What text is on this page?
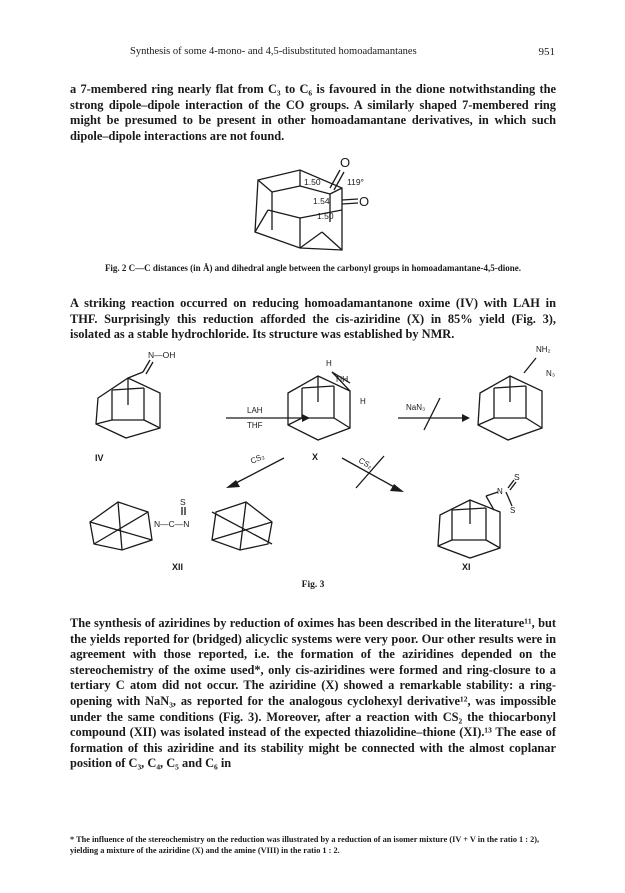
Synthesis of some 4-mono- and 4,5-disubstituted homoadamantanes	951

a 7-membered ring nearly flat from C₃ to C₆ is favoured in the dione notwithstanding the strong dipole–dipole interaction of the CO groups. A similarly shaped 7-membered ring might be presumed to be present in other homoadamantane derivatives, in which such dipole–dipole interactions are not found.

O
O
1.50	119°
1.54
1.50
Fig. 2 C—C distances (in Å) and dihedral angle between the carbonyl groups in homoadamantane-4,5-dione.

A striking reaction occurred on reducing homoadamantanone oxime (IV) with LAH in THF. Surprisingly this reduction afforded the cis-aziridine (X) in 85% yield (Fig. 3), isolated as a stable hydrochloride. Its structure was established by NMR.

N—OH
IV
LAH
THF
H
NH
H
X
NaN₃
NH₂
N₃
CS₂	CS₂
S
N—C—N
XII
N
S
S
XI
Fig. 3

The synthesis of aziridines by reduction of oximes has been described in the literature¹¹, but the yields reported for (bridged) alicyclic systems were very poor. Our other results were in agreement with those reported, i.e. the formation of the aziridines depended on the stereochemistry of the oxime used*, only cis-aziridines were formed and ring-closure to a tertiary C atom did not occur. The aziridine (X) showed a remarkable stability: a ring-opening with NaN₃, as reported for the analogous cyclohexyl derivative¹², was impossible under the same conditions (Fig. 3). Moreover, after a reaction with CS₂ the thiocarbonyl compound (XII) was isolated instead of the expected thiazolidine–thione (XI).¹³ The ease of formation of this aziridine and its stability might be connected with the almost coplanar position of C₃, C₄, C₅ and C₆ in

* The influence of the stereochemistry on the reduction was illustrated by a reduction of an isomer mixture (IV + V in the ratio 1 : 2), yielding a mixture of the aziridine (X) and the amine (VIII) in the ratio 1 : 2.
